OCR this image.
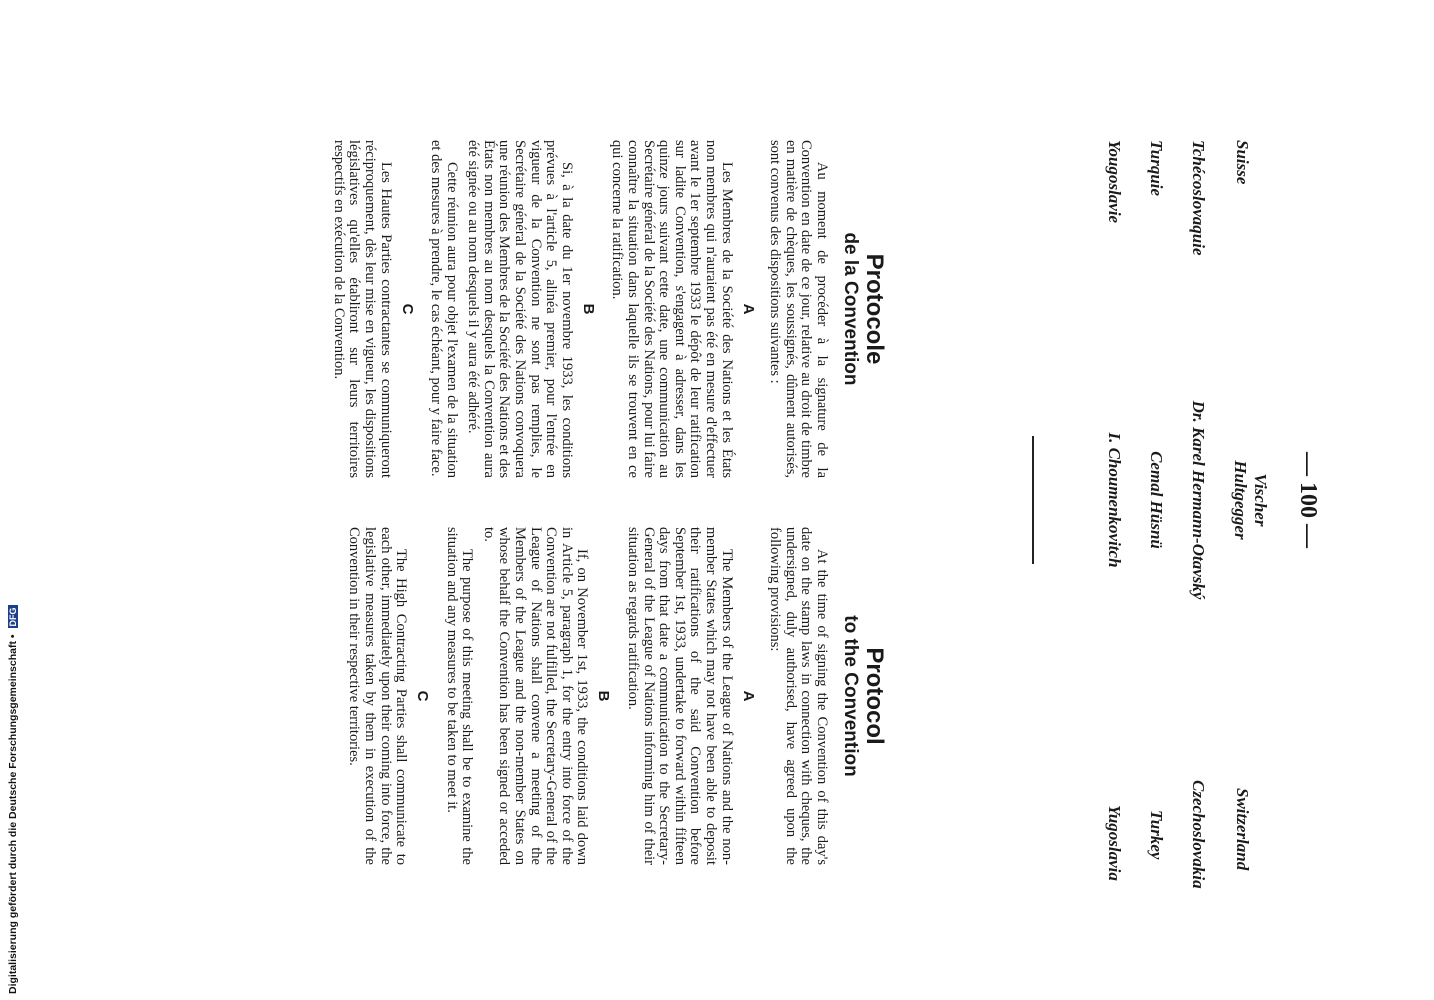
— 100 —
Suisse
Vischer
Hultgegger
Switzerland
Tchécoslovaquie
Dr. Karel Hermann-Otavský
Czechoslovakia
Turquie
Cemal Hüsnü
Turkey
Yougoslavie
I. Choumenkovitch
Yugoslavia
Protocole
de la Convention
Protocol
to the Convention

Au moment de procéder à la signature de la Convention en date de ce jour, relative au droit de timbre en matière de chèques, les soussignés, dûment autorisés, sont convenus des dispositions suivantes :

A

Les Membres de la Société des Nations et les États non membres qui n'auraient pas été en mesure d'effectuer avant le 1er septembre 1933 le dépôt de leur ratification sur ladite Convention, s'engagent à adresser, dans les quinze jours suivant cette date, une communication au Secrétaire général de la Société des Nations, pour lui faire connaître la situation dans laquelle ils se trouvent en ce qui concerne la ratification.

B

Si, à la date du 1er novembre 1933, les conditions prévues à l'article 5, alinéa premier, pour l'entrée en vigueur de la Convention ne sont pas remplies, le Secrétaire général de la Société des Nations convoquera une réunion des Membres de la Société des Nations et des États non membres au nom desquels la Convention aura été signée ou au nom desquels il y aura été adhéré.

Cette réunion aura pour objet l'examen de la situation et des mesures à prendre, le cas échéant, pour y faire face.

C

Les Hautes Parties contractantes se communiqueront réciproquement, dès leur mise en vigueur, les dispositions législatives qu'elles établiront sur leurs territoires respectifs en exécution de la Convention.

At the time of signing the Convention of this day's date on the stamp laws in connection with cheques, the undersigned, duly authorised, have agreed upon the following provisions:

A

The Members of the League of Nations and the non-member States which may not have been able to deposit their ratifications of the said Convention before September 1st, 1933, undertake to forward within fifteen days from that date a communication to the Secretary-General of the League of Nations informing him of their situation as regards ratification.

B

If, on November 1st, 1933, the conditions laid down in Article 5, paragraph 1, for the entry into force of the Convention are not fulfilled, the Secretary-General of the League of Nations shall convene a meeting of the Members of the League and the non-member States on whose behalf the Convention has been signed or acceded to.

The purpose of this meeting shall be to examine the situation and any measures to be taken to meet it.

C

The High Contracting Parties shall communicate to each other, immediately upon their coming into force, the legislative measures taken by them in execution of the Convention in their respective territories.

Digitalisierung gefördert durch die Deutsche Forschungsgemeinschaft • DFG
